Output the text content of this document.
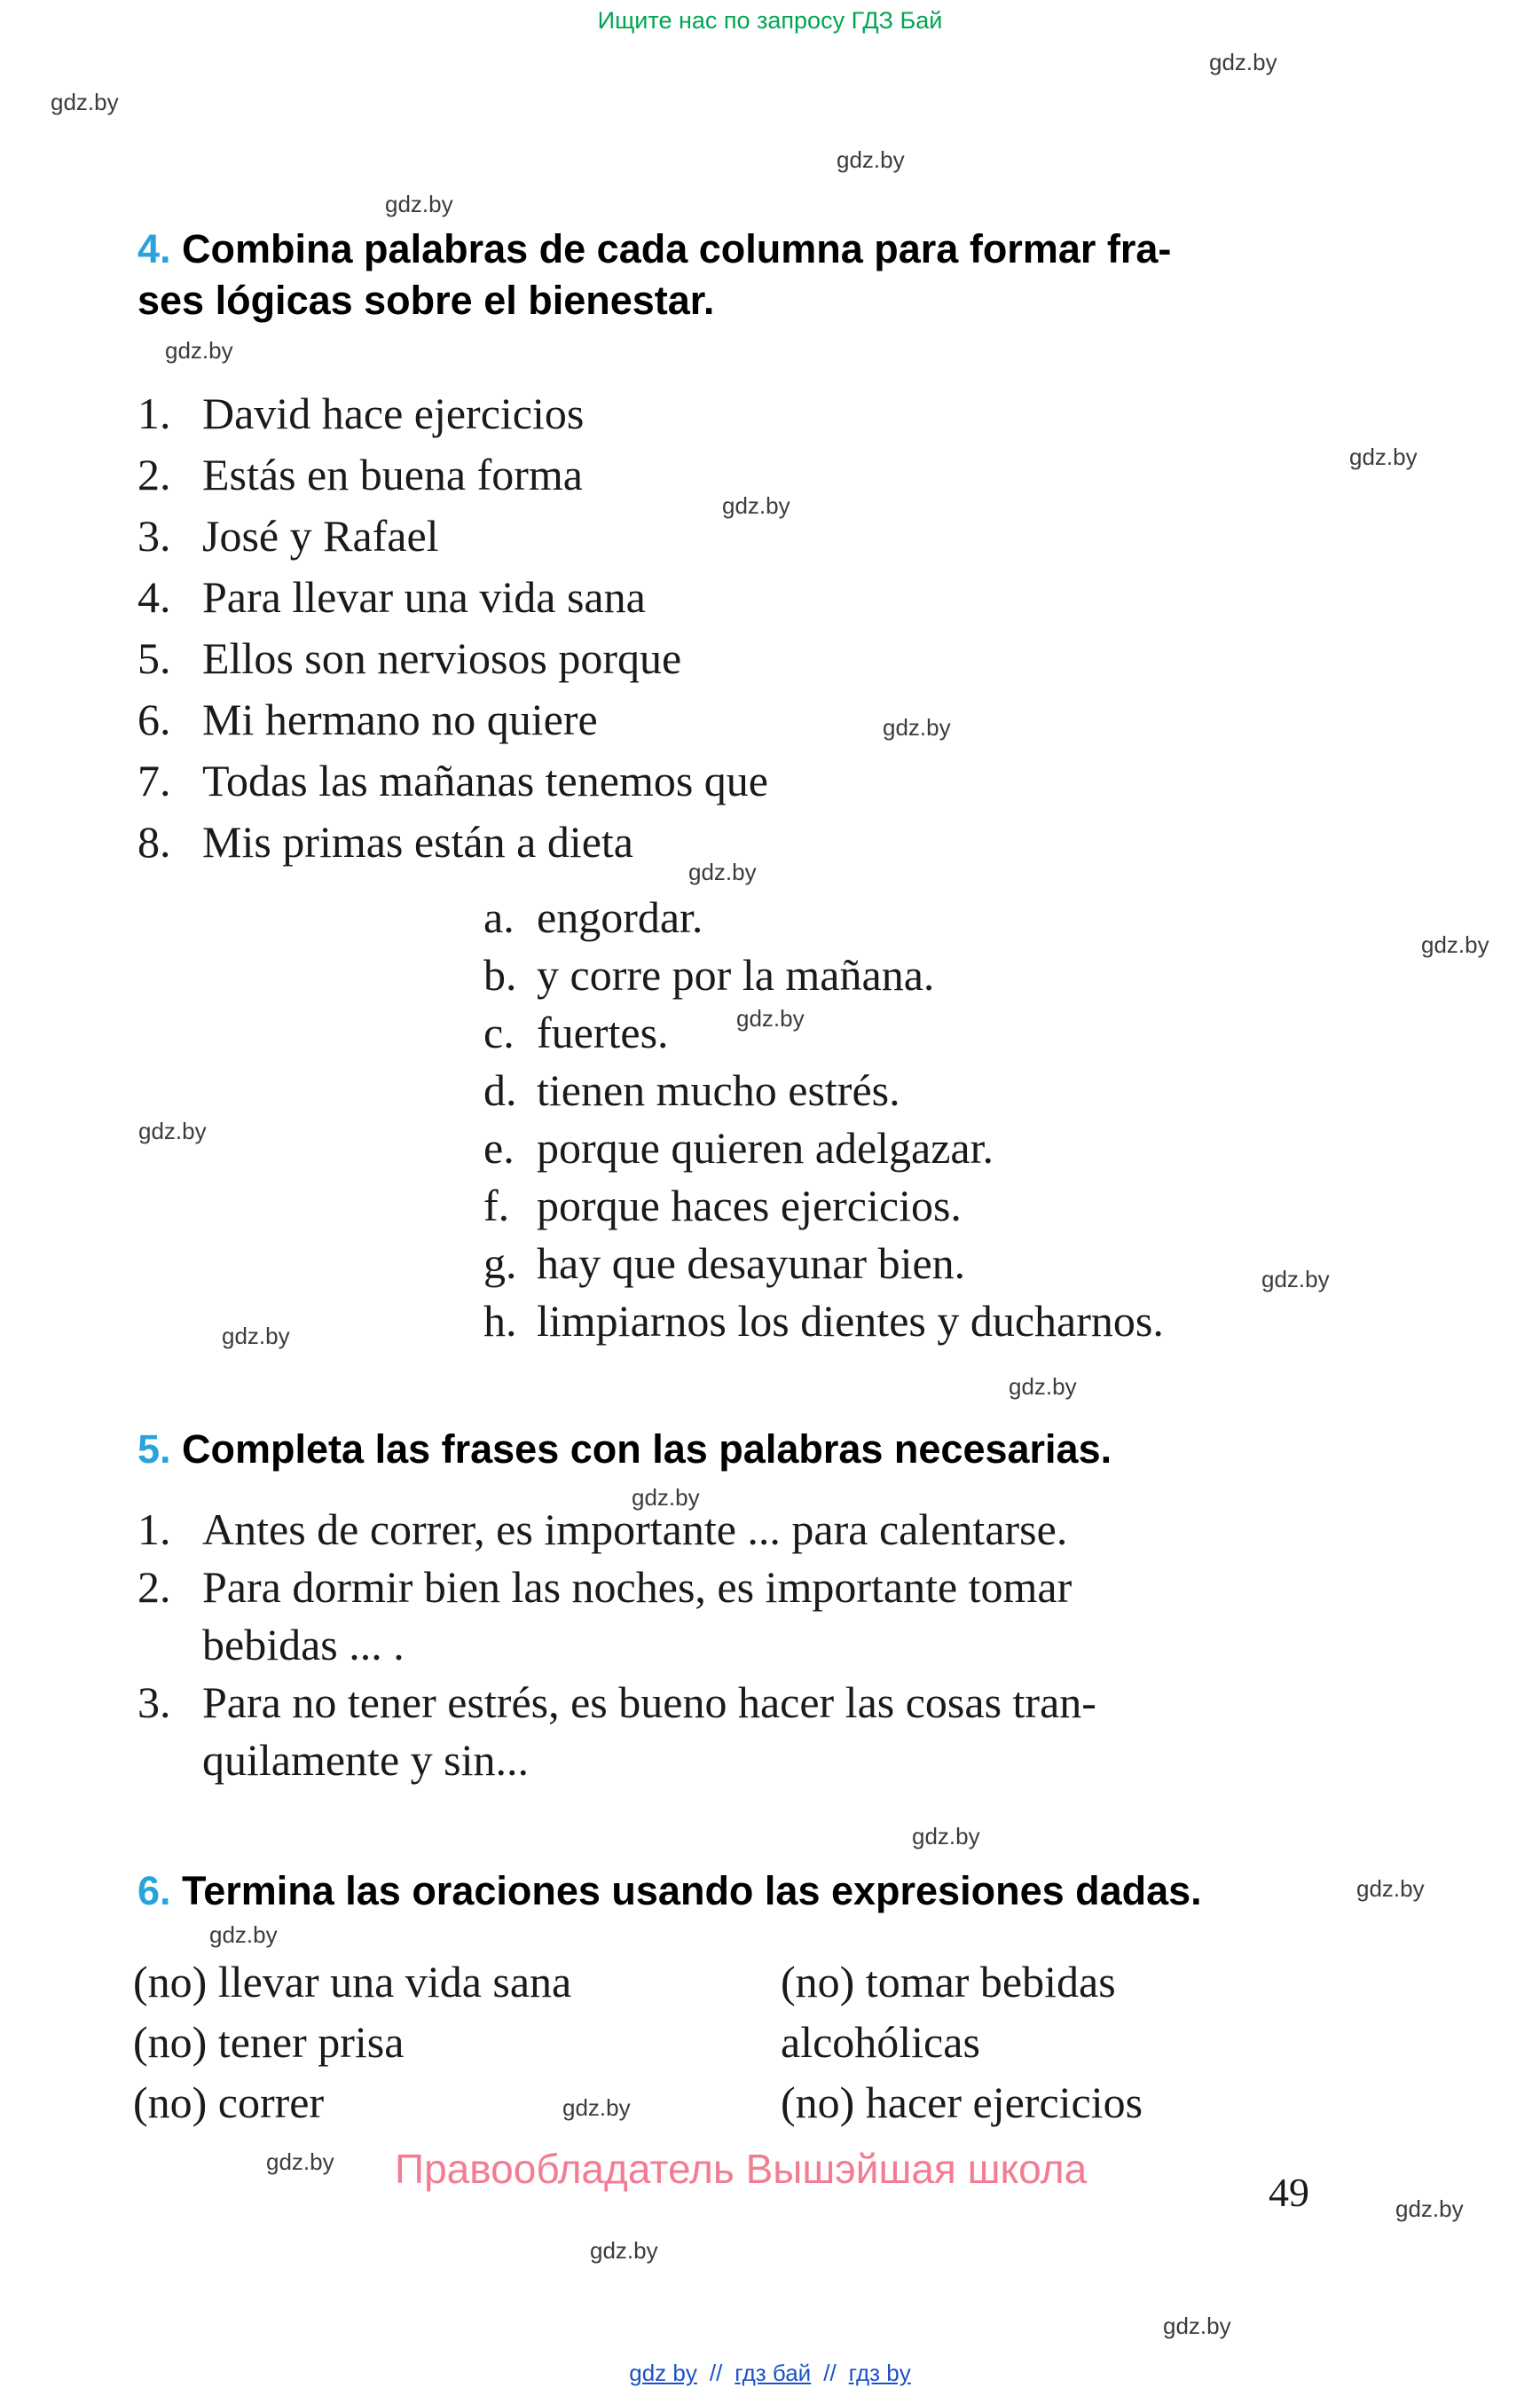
Ищите нас по запросу ГДЗ Бай
gdz.by
gdz.by
gdz.by
gdz.by
gdz.by
gdz.by
gdz.by
gdz.by
gdz.by
gdz.by
gdz.by
gdz.by
gdz.by
gdz.by
gdz.by
gdz.by
gdz.by
gdz.by
gdz.by
gdz.by
gdz.by
gdz.by
gdz.by
gdz.by

4. Combina palabras de cada columna para formar fra-
ses lógicas sobre el bienestar.

1. David hace ejercicios
2. Estás en buena forma
3. José y Rafael
4. Para llevar una vida sana
5. Ellos son nerviosos porque
6. Mi hermano no quiere
7. Todas las mañanas tenemos que
8. Mis primas están a dieta
a. engordar.
b. y corre por la mañana.
c. fuertes.
d. tienen mucho estrés.
e. porque quieren adelgazar.
f. porque haces ejercicios.
g. hay que desayunar bien.
h. limpiarnos los dientes y ducharnos.

5. Completa las frases con las palabras necesarias.

1. Antes de correr, es importante ... para calentarse.
2. Para dormir bien las noches, es importante tomar
bebidas ... .
3. Para no tener estrés, es bueno hacer las cosas tran-
quilamente y sin...

6. Termina las oraciones usando las expresiones dadas.

(no) llevar una vida sana
(no) tener prisa
(no) correr
(no) tomar bebidas
alcohólicas
(no) hacer ejercicios
Правообладатель Вышэйшая школа
49
gdz by // гдз бай // гдз by
